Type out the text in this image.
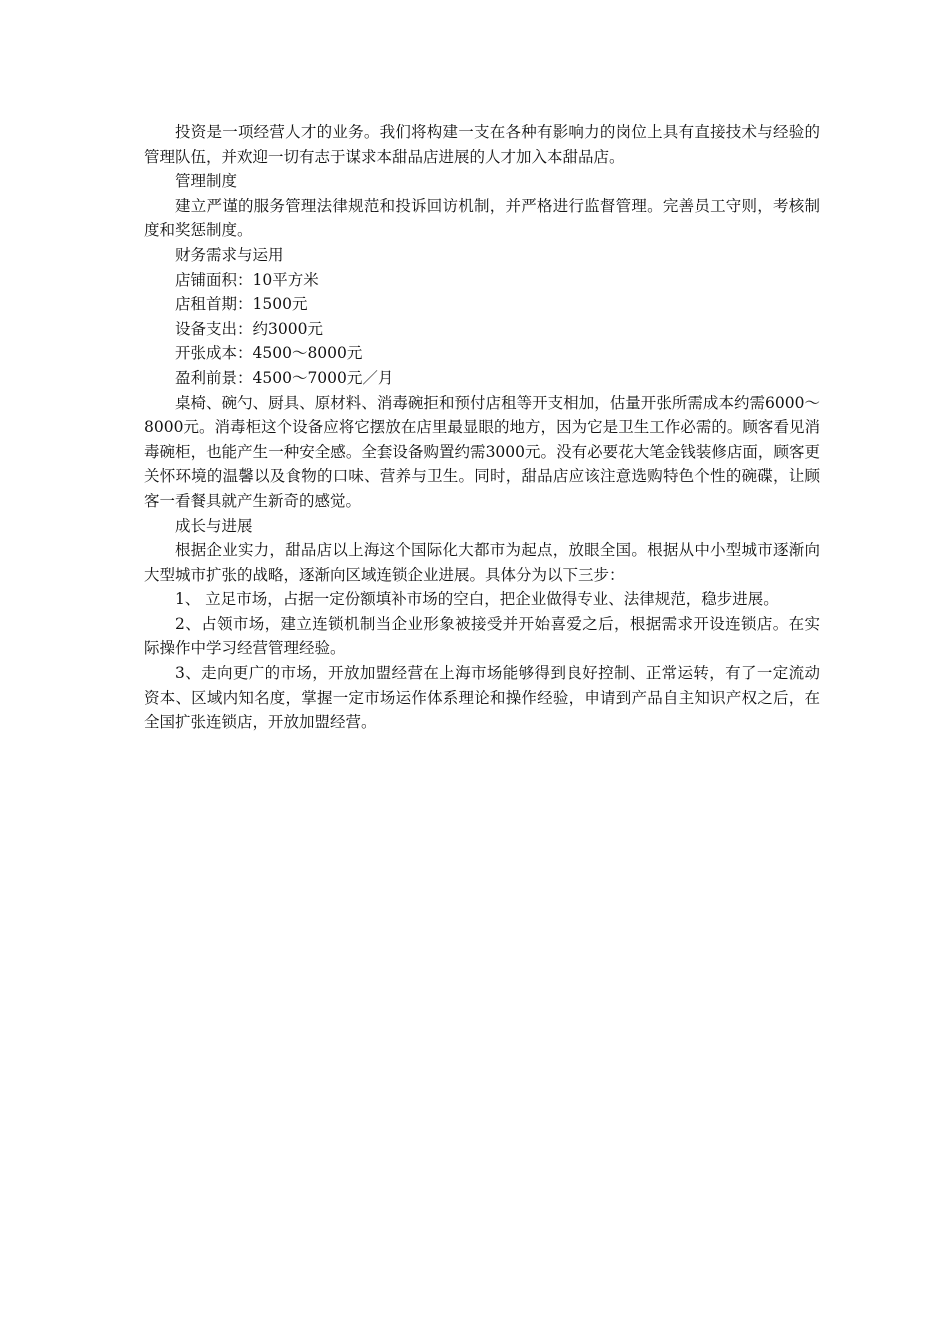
投资是一项经营人才的业务。我们将构建一支在各种有影响力的岗位上具有直接技术与经验的管理队伍，并欢迎一切有志于谋求本甜品店进展的人才加入本甜品店。

管理制度

建立严谨的服务管理法律规范和投诉回访机制，并严格进行监督管理。完善员工守则，考核制度和奖惩制度。

财务需求与运用

店铺面积：10平方米

店租首期：1500元

设备支出：约3000元

开张成本：4500～8000元

盈利前景：4500～7000元／月

桌椅、碗勺、厨具、原材料、消毒碗拒和预付店租等开支相加，估量开张所需成本约需6000～8000元。消毒柜这个设备应将它摆放在店里最显眼的地方，因为它是卫生工作必需的。顾客看见消毒碗柜，也能产生一种安全感。全套设备购置约需3000元。没有必要花大笔金钱装修店面，顾客更关怀环境的温馨以及食物的口味、营养与卫生。同时，甜品店应该注意选购特色个性的碗碟，让顾客一看餐具就产生新奇的感觉。

成长与进展

根据企业实力，甜品店以上海这个国际化大都市为起点，放眼全国。根据从中小型城市逐渐向大型城市扩张的战略，逐渐向区域连锁企业进展。具体分为以下三步：

1、 立足市场，占据一定份额填补市场的空白，把企业做得专业、法律规范，稳步进展。

2、占领市场，建立连锁机制当企业形象被接受并开始喜爱之后，根据需求开设连锁店。在实际操作中学习经营管理经验。

3、走向更广的市场，开放加盟经营在上海市场能够得到良好控制、正常运转，有了一定流动资本、区域内知名度，掌握一定市场运作体系理论和操作经验，申请到产品自主知识产权之后，在全国扩张连锁店，开放加盟经营。
